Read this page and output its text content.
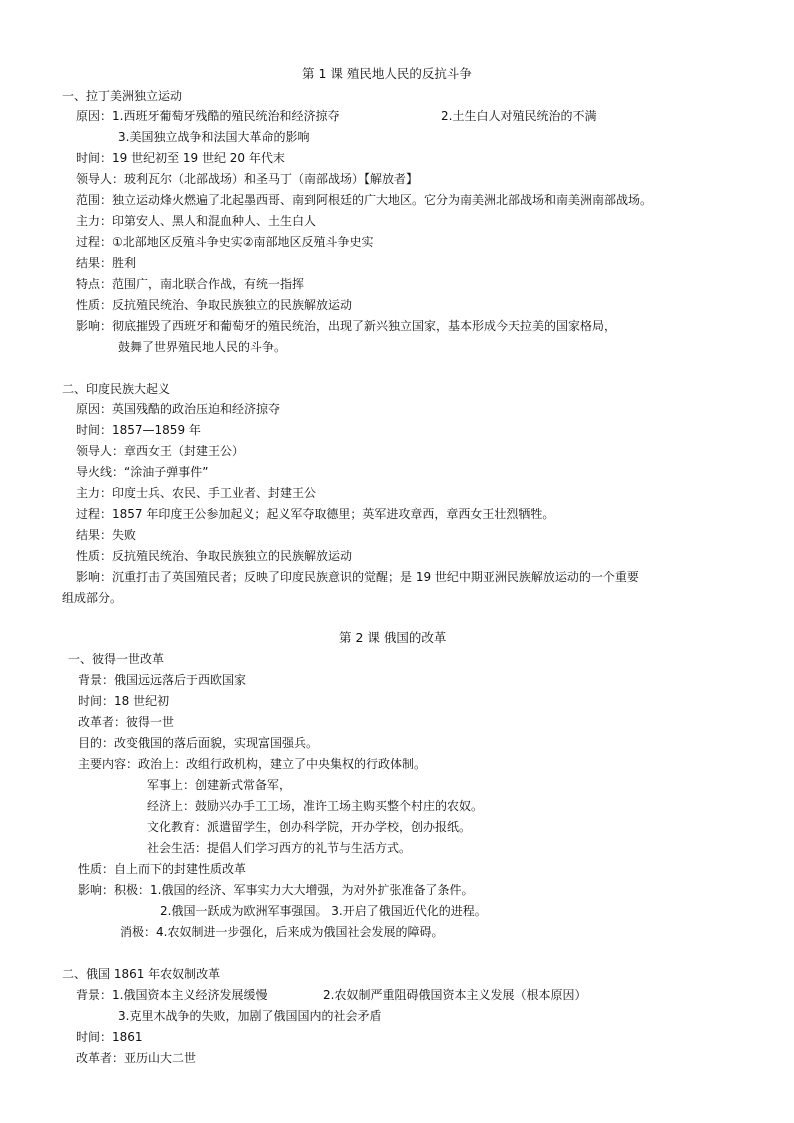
第 1 课 殖民地人民的反抗斗争
一、拉丁美洲独立运动
原因：1.西班牙葡萄牙残酷的殖民统治和经济掠夺	2.土生白人对殖民统治的不满
3.美国独立战争和法国大革命的影响
时间：19 世纪初至 19 世纪 20 年代末
领导人：玻利瓦尔（北部战场）和圣马丁（南部战场）【解放者】
范围：独立运动烽火燃遍了北起墨西哥、南到阿根廷的广大地区。它分为南美洲北部战场和南美洲南部战场。
主力：印第安人、黑人和混血种人、土生白人
过程：①北部地区反殖斗争史实②南部地区反殖斗争史实
结果：胜利
特点：范围广，南北联合作战，有统一指挥
性质：反抗殖民统治、争取民族独立的民族解放运动
影响：彻底摧毁了西班牙和葡萄牙的殖民统治，出现了新兴独立国家，基本形成今天拉美的国家格局，
鼓舞了世界殖民地人民的斗争。
二、印度民族大起义
原因：英国残酷的政治压迫和经济掠夺
时间：1857—1859 年
领导人：章西女王（封建王公）
导火线：“涂油子弹事件”
主力：印度士兵、农民、手工业者、封建王公
过程：1857 年印度王公参加起义；起义军夺取德里；英军进攻章西，章西女王壮烈牺牲。
结果：失败
性质：反抗殖民统治、争取民族独立的民族解放运动
影响：沉重打击了英国殖民者；反映了印度民族意识的觉醒；是 19 世纪中期亚洲民族解放运动的一个重要
组成部分。
第 2 课 俄国的改革
一、彼得一世改革
背景：俄国远远落后于西欧国家
时间：18 世纪初
改革者：彼得一世
目的：改变俄国的落后面貌，实现富国强兵。
主要内容：政治上：改组行政机构，建立了中央集权的行政体制。
军事上：创建新式常备军，
经济上：鼓励兴办手工工场，准许工场主购买整个村庄的农奴。
文化教育：派遣留学生，创办科学院，开办学校，创办报纸。
社会生活：提倡人们学习西方的礼节与生活方式。
性质：自上而下的封建性质改革
影响：积极：1.俄国的经济、军事实力大大增强，为对外扩张准备了条件。
2.俄国一跃成为欧洲军事强国。 3.开启了俄国近代化的进程。
消极：4.农奴制进一步强化，后来成为俄国社会发展的障碍。
二、俄国 1861 年农奴制改革
背景：1.俄国资本主义经济发展缓慢	2.农奴制严重阻碍俄国资本主义发展（根本原因）
3.克里木战争的失败，加剧了俄国国内的社会矛盾
时间：1861
改革者：亚历山大二世
